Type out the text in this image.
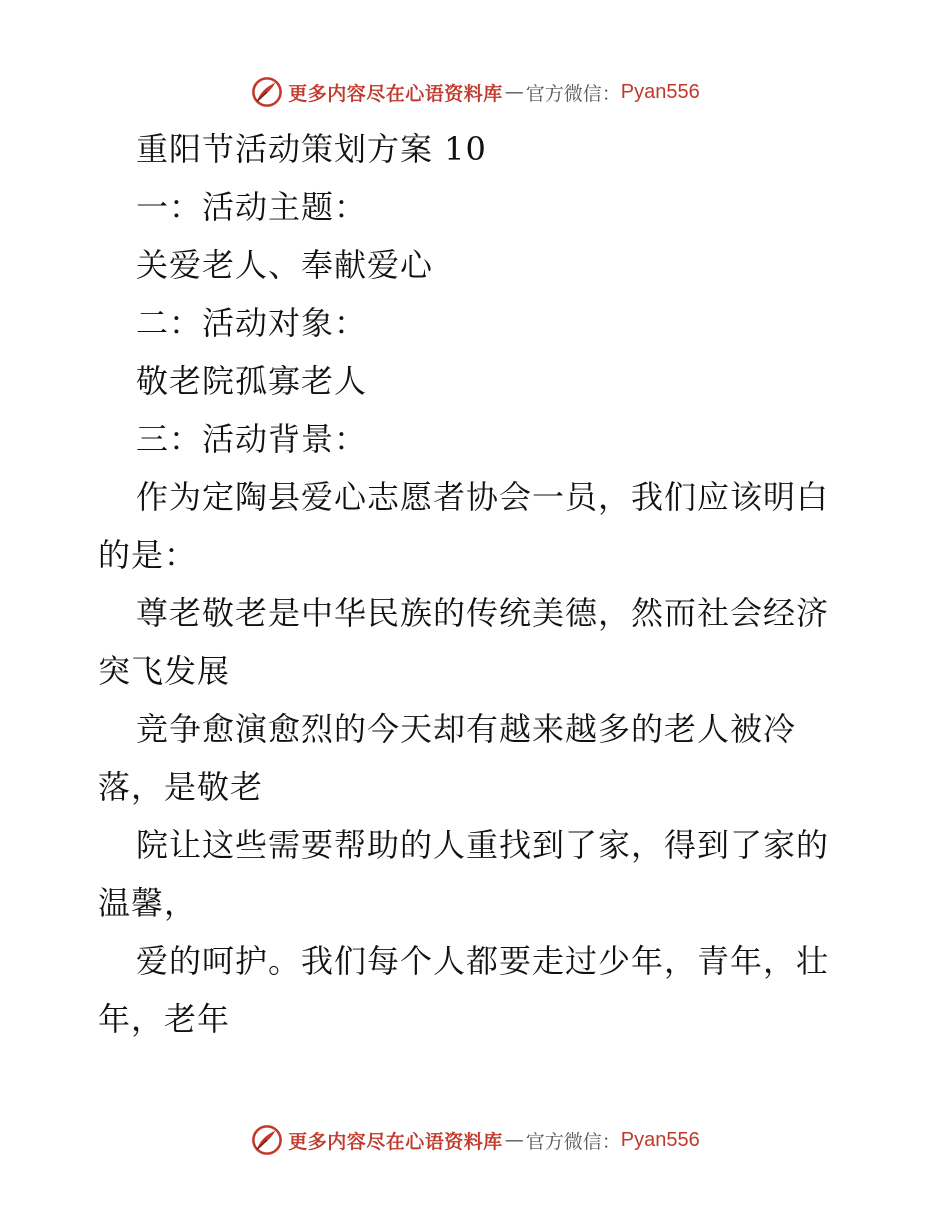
更多内容尽在心语资料库 — 官方微信： Pyan556

重阳节活动策划方案 10

一：活动主题：

关爱老人、奉献爱心

二：活动对象：

敬老院孤寡老人

三：活动背景：

作为定陶县爱心志愿者协会一员，我们应该明白的是：

尊老敬老是中华民族的传统美德，然而社会经济突飞发展

竞争愈演愈烈的今天却有越来越多的老人被冷落，是敬老

院让这些需要帮助的人重找到了家，得到了家的温馨，

爱的呵护。我们每个人都要走过少年，青年，壮年，老年

更多内容尽在心语资料库 — 官方微信： Pyan556
